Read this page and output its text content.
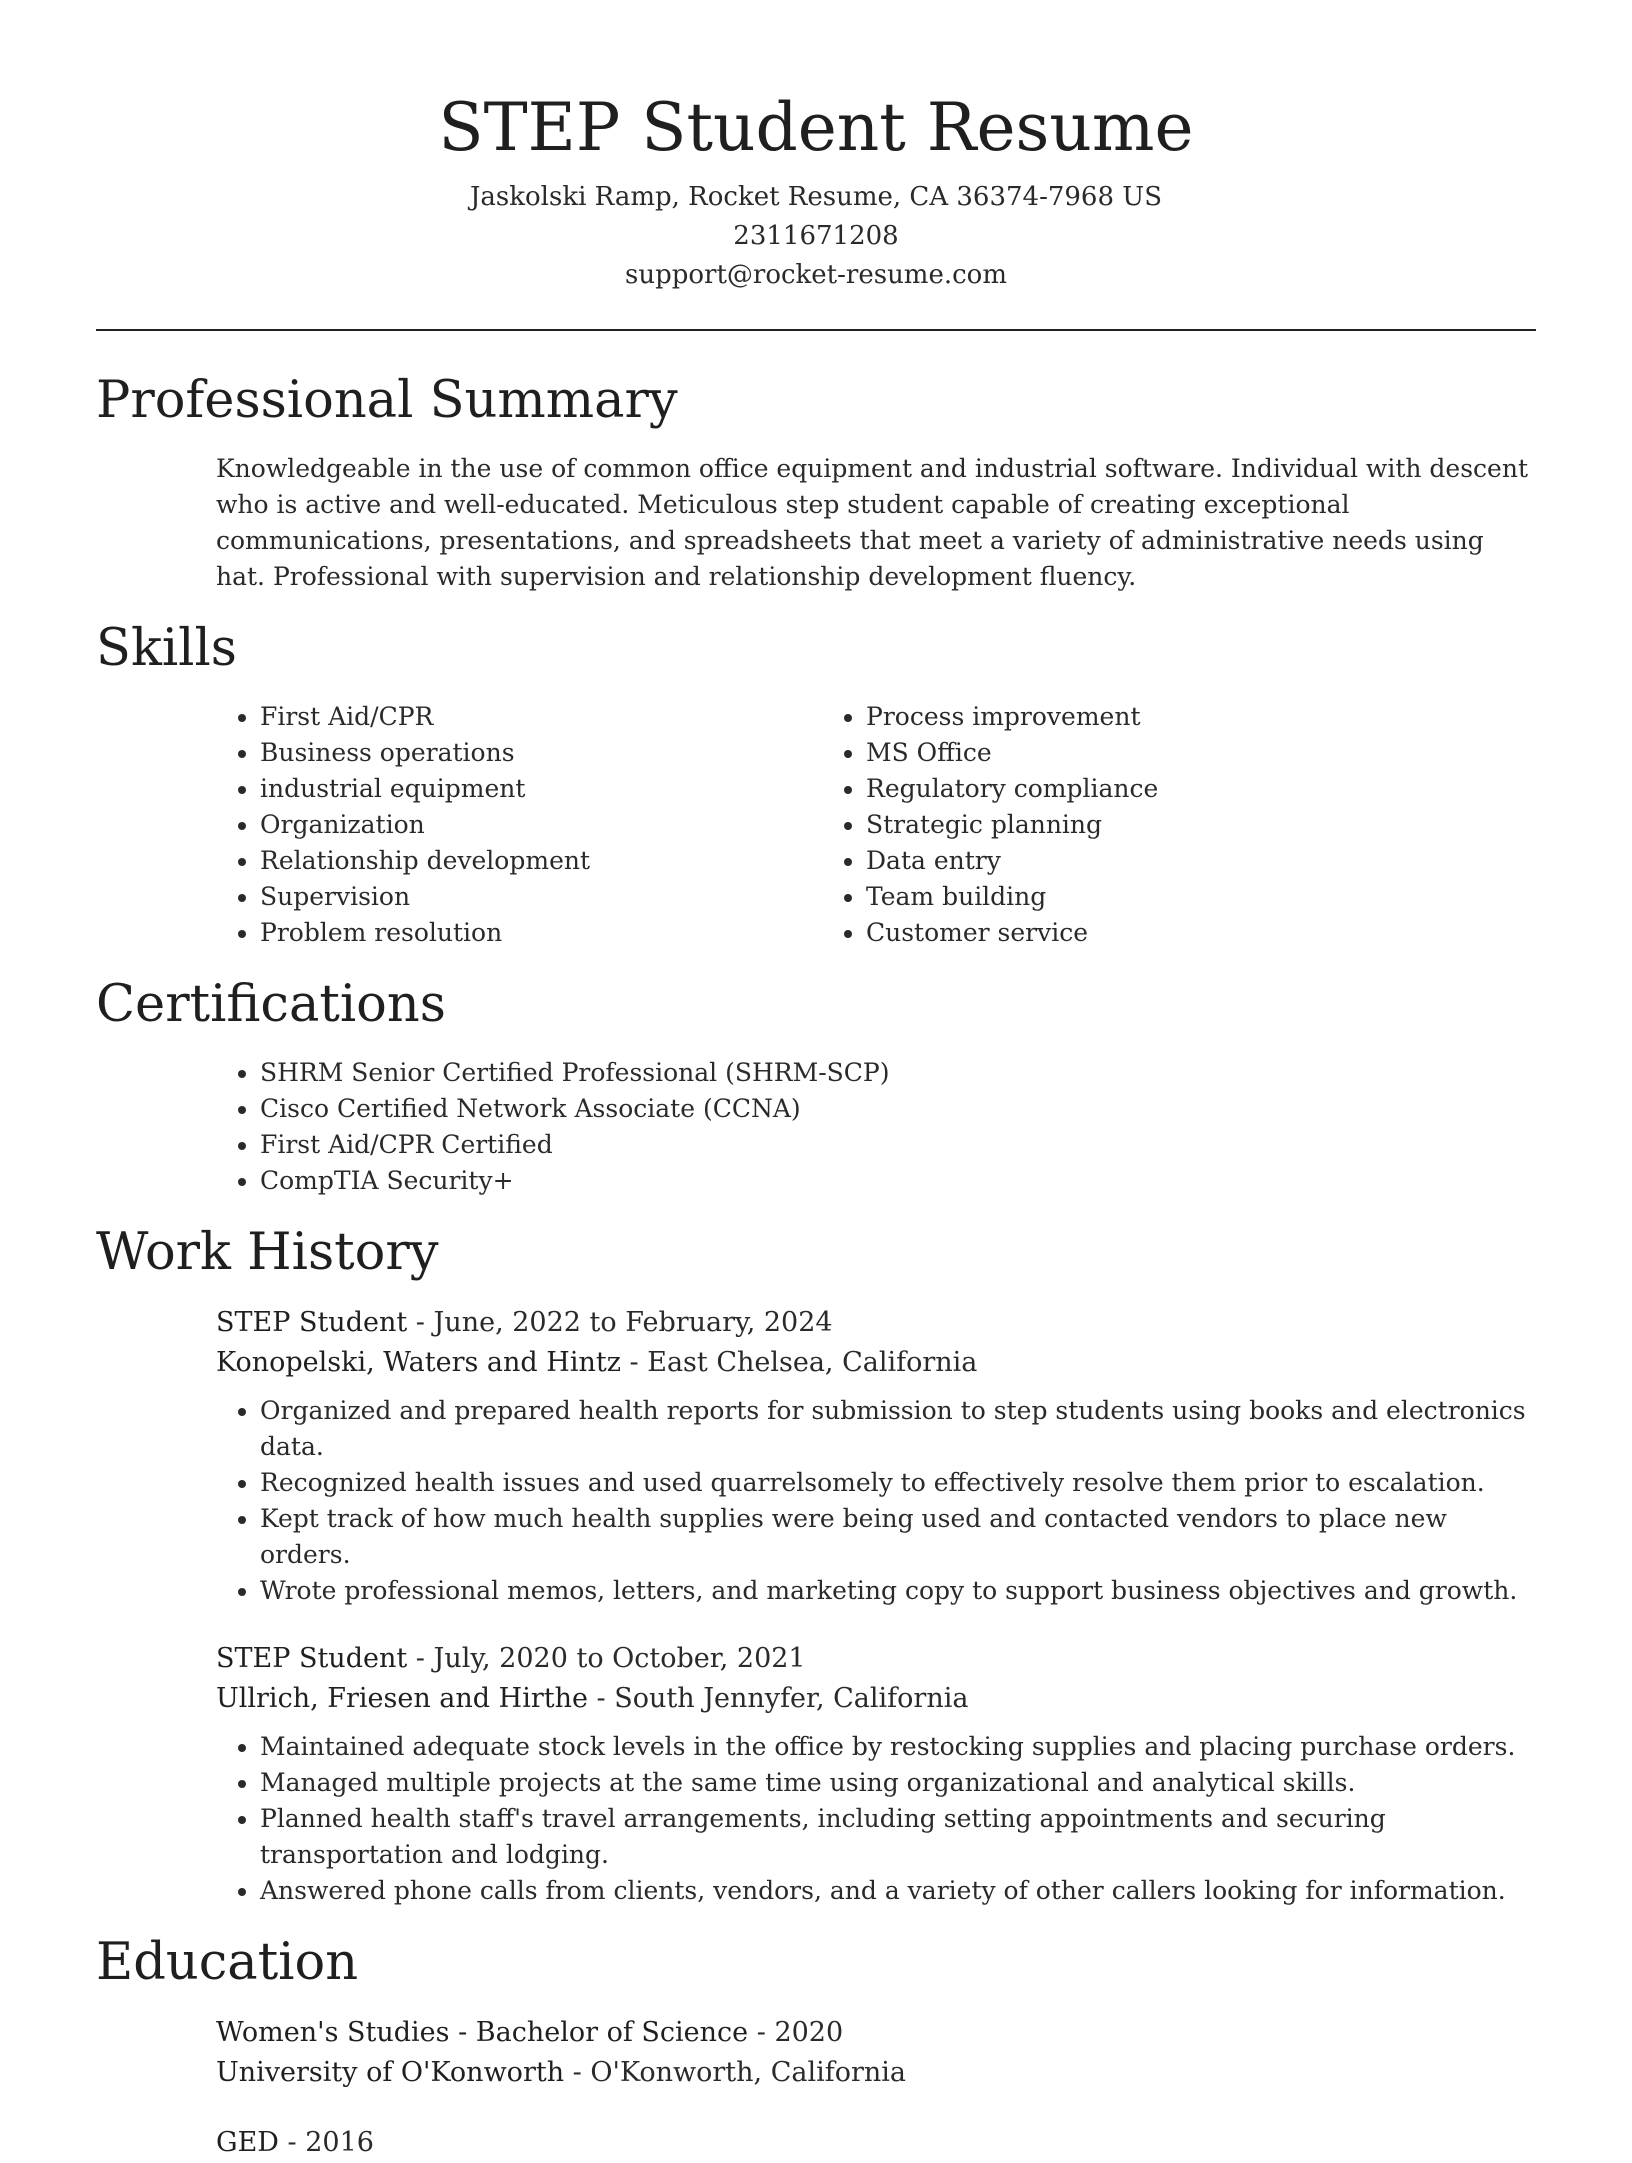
STEP Student Resume
Jaskolski Ramp, Rocket Resume, CA 36374-7968 US
2311671208
support@rocket-resume.com
Professional Summary

Knowledgeable in the use of common office equipment and industrial software. Individual with descent who is active and well-educated. Meticulous step student capable of creating exceptional communications, presentations, and spreadsheets that meet a variety of administrative needs using hat. Professional with supervision and relationship development fluency.

Skills
• First Aid/CPR
• Business operations
• industrial equipment
• Organization
• Relationship development
• Supervision
• Problem resolution
• Process improvement
• MS Office
• Regulatory compliance
• Strategic planning
• Data entry
• Team building
• Customer service
Certifications
• SHRM Senior Certified Professional (SHRM-SCP)
• Cisco Certified Network Associate (CCNA)
• First Aid/CPR Certified
• CompTIA Security+
Work History
STEP Student - June, 2022 to February, 2024
Konopelski, Waters and Hintz - East Chelsea, California
• Organized and prepared health reports for submission to step students using books and electronics data.
• Recognized health issues and used quarrelsomely to effectively resolve them prior to escalation.
• Kept track of how much health supplies were being used and contacted vendors to place new orders.
• Wrote professional memos, letters, and marketing copy to support business objectives and growth.
STEP Student - July, 2020 to October, 2021
Ullrich, Friesen and Hirthe - South Jennyfer, California
• Maintained adequate stock levels in the office by restocking supplies and placing purchase orders.
• Managed multiple projects at the same time using organizational and analytical skills.
• Planned health staff's travel arrangements, including setting appointments and securing transportation and lodging.
• Answered phone calls from clients, vendors, and a variety of other callers looking for information.
Education
Women's Studies - Bachelor of Science - 2020
University of O'Konworth - O'Konworth, California
GED - 2016
